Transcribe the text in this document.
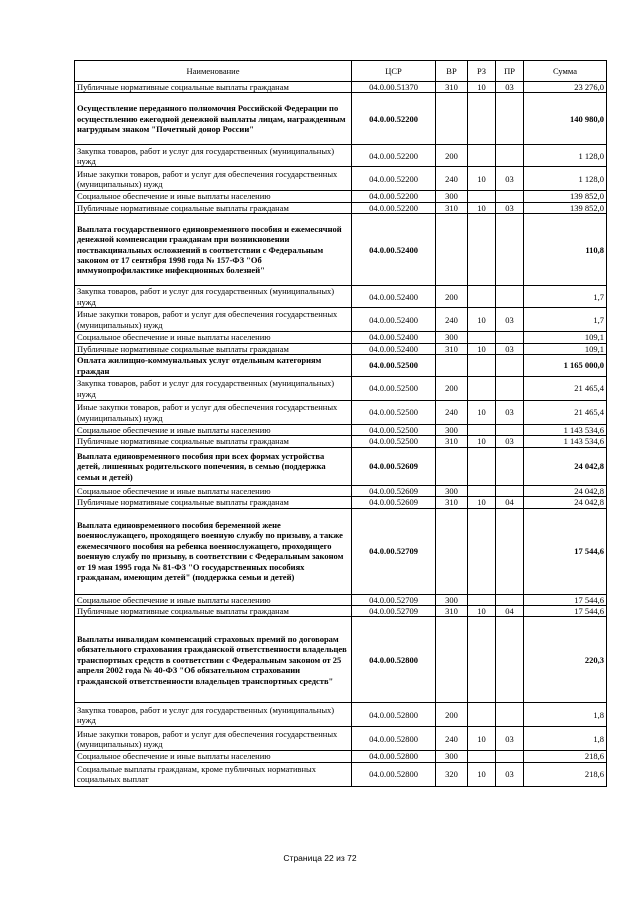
Наименование	ЦСР	ВР	РЗ	ПР	Сумма
Публичные нормативные социальные выплаты гражданам	04.0.00.51370	310	10	03	23 276,0
Осуществление переданного полномочия Российской Федерации по осуществлению ежегодной денежной выплаты лицам, награжденным нагрудным знаком "Почетный донор России"	04.0.00.52200				140 980,0
Закупка товаров, работ и услуг для государственных (муниципальных) нужд	04.0.00.52200	200			1 128,0
Иные закупки товаров, работ и услуг для обеспечения государственных (муниципальных) нужд	04.0.00.52200	240	10	03	1 128,0
Социальное обеспечение и иные выплаты населению	04.0.00.52200	300			139 852,0
Публичные нормативные социальные выплаты гражданам	04.0.00.52200	310	10	03	139 852,0
Выплата государственного единовременного пособия и ежемесячной денежной компенсации гражданам при возникновении поствакцинальных осложнений в соответствии с Федеральным законом от 17 сентября 1998 года № 157-ФЗ "Об иммунопрофилактике инфекционных болезней"	04.0.00.52400				110,8
Закупка товаров, работ и услуг для государственных (муниципальных) нужд	04.0.00.52400	200			1,7
Иные закупки товаров, работ и услуг для обеспечения государственных (муниципальных) нужд	04.0.00.52400	240	10	03	1,7
Социальное обеспечение и иные выплаты населению	04.0.00.52400	300			109,1
Публичные нормативные социальные выплаты гражданам	04.0.00.52400	310	10	03	109,1
Оплата жилищно-коммунальных услуг отдельным категориям граждан	04.0.00.52500				1 165 000,0
Закупка товаров, работ и услуг для государственных (муниципальных) нужд	04.0.00.52500	200			21 465,4
Иные закупки товаров, работ и услуг для обеспечения государственных (муниципальных) нужд	04.0.00.52500	240	10	03	21 465,4
Социальное обеспечение и иные выплаты населению	04.0.00.52500	300			1 143 534,6
Публичные нормативные социальные выплаты гражданам	04.0.00.52500	310	10	03	1 143 534,6
Выплата единовременного пособия при всех формах устройства детей, лишенных родительского попечения, в семью (поддержка семьи и детей)	04.0.00.52609				24 042,8
Социальное обеспечение и иные выплаты населению	04.0.00.52609	300			24 042,8
Публичные нормативные социальные выплаты гражданам	04.0.00.52609	310	10	04	24 042,8
Выплата единовременного пособия беременной жене военнослужащего, проходящего военную службу по призыву, а также ежемесячного пособия на ребенка военнослужащего, проходящего военную службу по призыву, в соответствии с Федеральным законом от 19 мая 1995 года № 81-ФЗ "О государственных пособиях гражданам, имеющим детей" (поддержка семьи и детей)	04.0.00.52709				17 544,6
Социальное обеспечение и иные выплаты населению	04.0.00.52709	300			17 544,6
Публичные нормативные социальные выплаты гражданам	04.0.00.52709	310	10	04	17 544,6
Выплаты инвалидам компенсаций страховых премий по договорам обязательного страхования гражданской ответственности владельцев транспортных средств в соответствии с Федеральным законом от 25 апреля 2002 года № 40-ФЗ "Об обязательном страховании гражданской ответственности владельцев транспортных средств"	04.0.00.52800				220,3
Закупка товаров, работ и услуг для государственных (муниципальных) нужд	04.0.00.52800	200			1,8
Иные закупки товаров, работ и услуг для обеспечения государственных (муниципальных) нужд	04.0.00.52800	240	10	03	1,8
Социальное обеспечение и иные выплаты населению	04.0.00.52800	300			218,6
Социальные выплаты гражданам, кроме публичных нормативных социальных выплат	04.0.00.52800	320	10	03	218,6
Страница 22 из 72
